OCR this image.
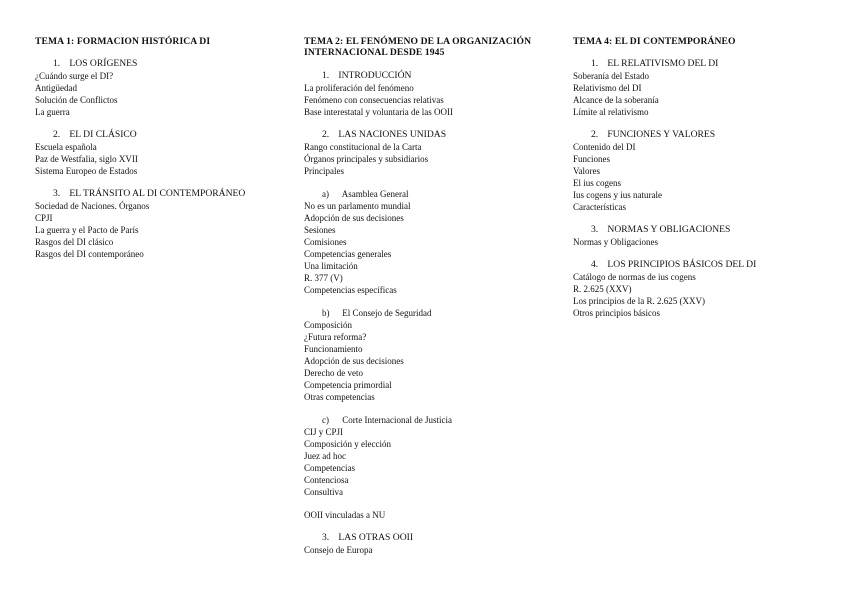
TEMA 1: FORMACION HISTÓRICA DI
1. LOS ORÍGENES
¿Cuándo surge el DI?
Antigüedad
Solución de Conflictos
La guerra
2. EL DI CLÁSICO
Escuela española
Paz de Westfalia, siglo XVII
Sistema Europeo de Estados
3. EL TRÁNSITO AL DI CONTEMPORÁNEO
Sociedad de Naciones. Órganos
CPJI
La guerra y el Pacto de París
Rasgos del DI clásico
Rasgos del DI contemporáneo
TEMA 2: EL FENÓMENO DE LA ORGANIZACIÓN
INTERNACIONAL DESDE 1945
1. INTRODUCCIÓN
La proliferación del fenómeno
Fenómeno con consecuencias relativas
Base interestatal y voluntaria de las OOII
2. LAS NACIONES UNIDAS
Rango constitucional de la Carta
Órganos principales y subsidiarios
Principales
a) Asamblea General
No es un parlamento mundial
Adopción de sus decisiones
Sesiones
Comisiones
Competencias generales
Una limitación
R. 377 (V)
Competencias específicas
b) El Consejo de Seguridad
Composición
¿Futura reforma?
Funcionamiento
Adopción de sus decisiones
Derecho de veto
Competencia primordial
Otras competencias
c) Corte Internacional de Justicia
CIJ y CPJI
Composición y elección
Juez ad hoc
Competencias
Contenciosa
Consultiva
OOII vinculadas a NU
3. LAS OTRAS OOII
Consejo de Europa
TEMA 4: EL DI CONTEMPORÁNEO
1. EL RELATIVISMO DEL DI
Soberanía del Estado
Relativismo del DI
Alcance de la soberanía
Límite al relativismo
2. FUNCIONES Y VALORES
Contenido del DI
Funciones
Valores
El ius cogens
Ius cogens y ius naturale
Características
3. NORMAS Y OBLIGACIONES
Normas y Obligaciones
4. LOS PRINCIPIOS BÁSICOS DEL DI
Catálogo de normas de ius cogens
R. 2.625 (XXV)
Los principios de la R. 2.625 (XXV)
Otros principios básicos
